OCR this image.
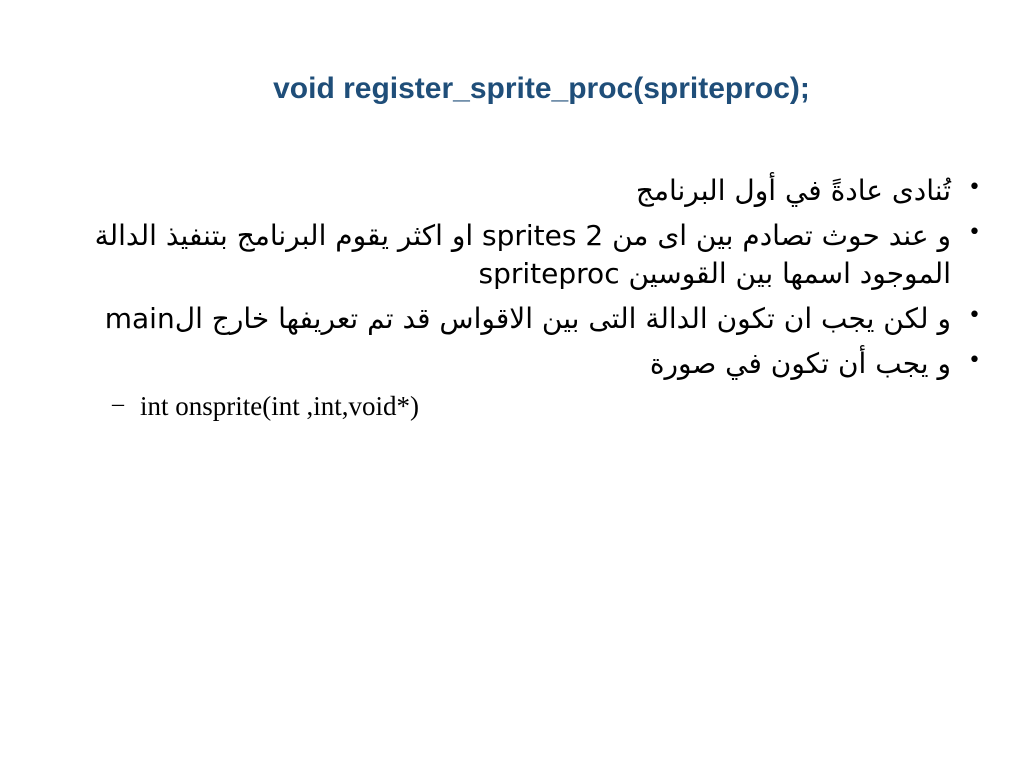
void register_sprite_proc(spriteproc);
• تُنادى عادةً في أول البرنامج
• و عند حوث تصادم بين اى من 2 sprites او اكثر يقوم البرنامج بتنفيذ الدالة الموجود اسمها بين القوسين spriteproc
• و لكن يجب ان تكون الدالة التى بين الاقواس قد تم تعريفها خارج الmain
• و يجب أن تكون في صورة
– int onsprite(int ,int,void*)
